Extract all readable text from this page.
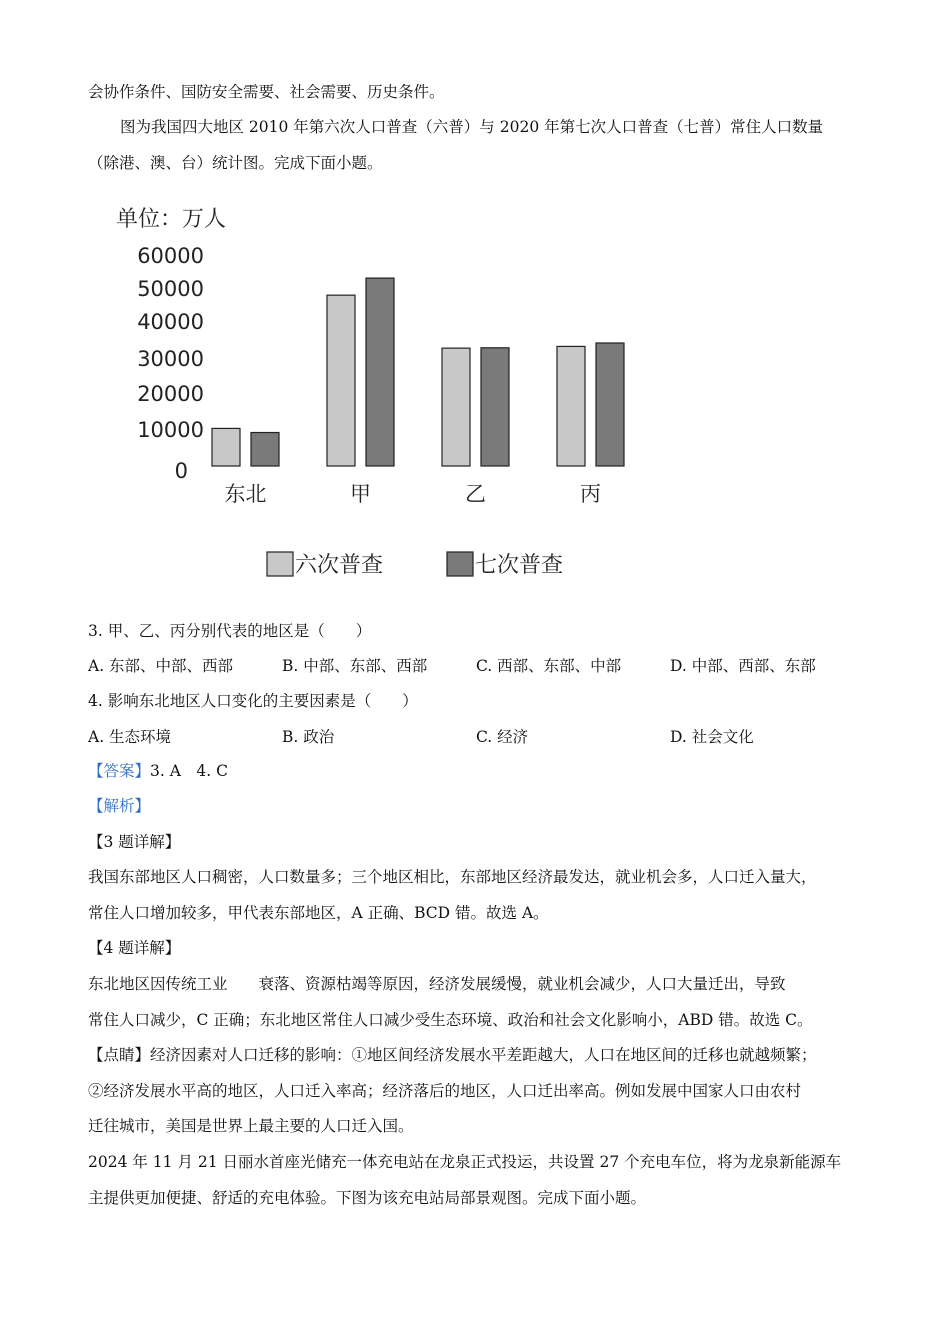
会协作条件、国防安全需要、社会需要、历史条件。
图为我国四大地区 2010 年第六次人口普查（六普）与 2020 年第七次人口普查（七普）常住人口数量
（除港、澳、台）统计图。完成下面小题。
单位：万人
60000
50000
40000
30000
20000
10000
0
东北	甲	乙	丙
六次普查	七次普查
3. 甲、乙、丙分别代表的地区是（　　）
A. 东部、中部、西部	B. 中部、东部、西部	C. 西部、东部、中部	D. 中部、西部、东部
4. 影响东北地区人口变化的主要因素是（　　）
A. 生态环境	B. 政治	C. 经济	D. 社会文化
【答案】3. A　4. C
【解析】
【3 题详解】
我国东部地区人口稠密，人口数量多；三个地区相比，东部地区经济最发达，就业机会多，人口迁入量大，
常住人口增加较多，甲代表东部地区，A 正确、BCD 错。故选 A。
【4 题详解】
东北地区因传统工业　　衰落、资源枯竭等原因，经济发展缓慢，就业机会减少，人口大量迁出，导致
常住人口减少，C 正确；东北地区常住人口减少受生态环境、政治和社会文化影响小，ABD 错。故选 C。
【点睛】经济因素对人口迁移的影响：①地区间经济发展水平差距越大，人口在地区间的迁移也就越频繁；
②经济发展水平高的地区，人口迁入率高；经济落后的地区，人口迁出率高。例如发展中国家人口由农村
迁往城市，美国是世界上最主要的人口迁入国。
2024 年 11 月 21 日丽水首座光储充一体充电站在龙泉正式投运，共设置 27 个充电车位，将为龙泉新能源车
主提供更加便捷、舒适的充电体验。下图为该充电站局部景观图。完成下面小题。
